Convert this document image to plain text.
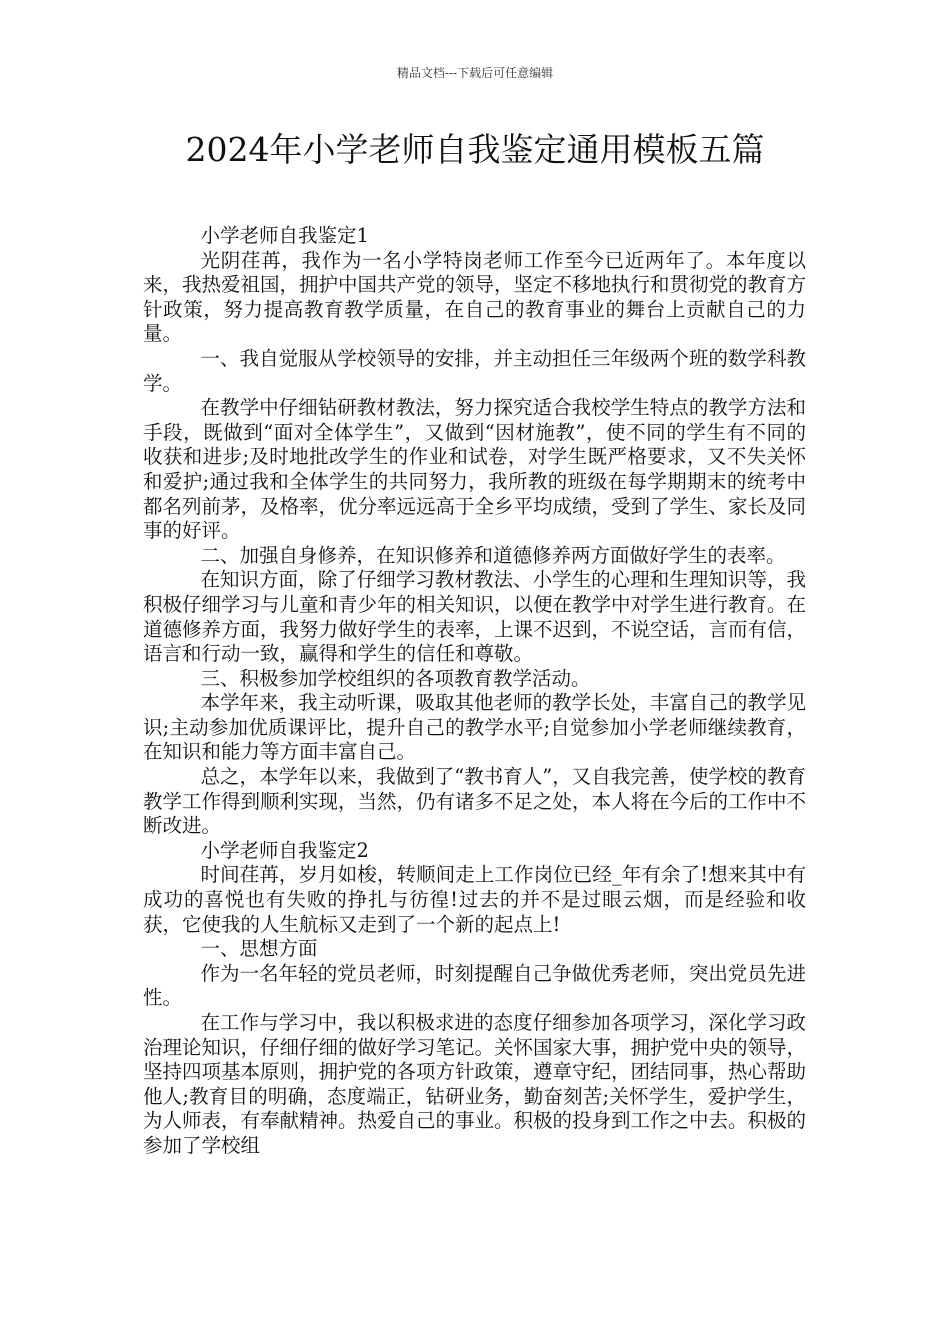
精品文档---下载后可任意编辑
2024年小学老师自我鉴定通用模板五篇

小学老师自我鉴定1

光阴荏苒，我作为一名小学特岗老师工作至今已近两年了。本年度以来，我热爱祖国，拥护中国共产党的领导，坚定不移地执行和贯彻党的教育方针政策，努力提高教育教学质量，在自己的教育事业的舞台上贡献自己的力量。

一、我自觉服从学校领导的安排，并主动担任三年级两个班的数学科教学。

在教学中仔细钻研教材教法，努力探究适合我校学生特点的教学方法和手段，既做到“面对全体学生”，又做到“因材施教”，使不同的学生有不同的收获和进步;及时地批改学生的作业和试卷，对学生既严格要求，又不失关怀和爱护;通过我和全体学生的共同努力，我所教的班级在每学期期末的统考中都名列前茅，及格率，优分率远远高于全乡平均成绩，受到了学生、家长及同事的好评。

二、加强自身修养，在知识修养和道德修养两方面做好学生的表率。

在知识方面，除了仔细学习教材教法、小学生的心理和生理知识等，我积极仔细学习与儿童和青少年的相关知识，以便在教学中对学生进行教育。在道德修养方面，我努力做好学生的表率，上课不迟到，不说空话，言而有信，语言和行动一致，赢得和学生的信任和尊敬。

三、积极参加学校组织的各项教育教学活动。

本学年来，我主动听课，吸取其他老师的教学长处，丰富自己的教学见识;主动参加优质课评比，提升自己的教学水平;自觉参加小学老师继续教育，在知识和能力等方面丰富自己。

总之，本学年以来，我做到了“教书育人”，又自我完善，使学校的教育教学工作得到顺利实现，当然，仍有诸多不足之处，本人将在今后的工作中不断改进。

小学老师自我鉴定2

时间荏苒，岁月如梭，转顺间走上工作岗位已经_年有余了!想来其中有成功的喜悦也有失败的挣扎与彷徨!过去的并不是过眼云烟，而是经验和收获，它使我的人生航标又走到了一个新的起点上!

一、思想方面

作为一名年轻的党员老师，时刻提醒自己争做优秀老师，突出党员先进性。

在工作与学习中，我以积极求进的态度仔细参加各项学习，深化学习政治理论知识，仔细仔细的做好学习笔记。关怀国家大事，拥护党中央的领导，坚持四项基本原则，拥护党的各项方针政策，遵章守纪，团结同事，热心帮助他人;教育目的明确，态度端正，钻研业务，勤奋刻苦;关怀学生，爱护学生，为人师表，有奉献精神。热爱自己的事业。积极的投身到工作之中去。积极的参加了学校组
